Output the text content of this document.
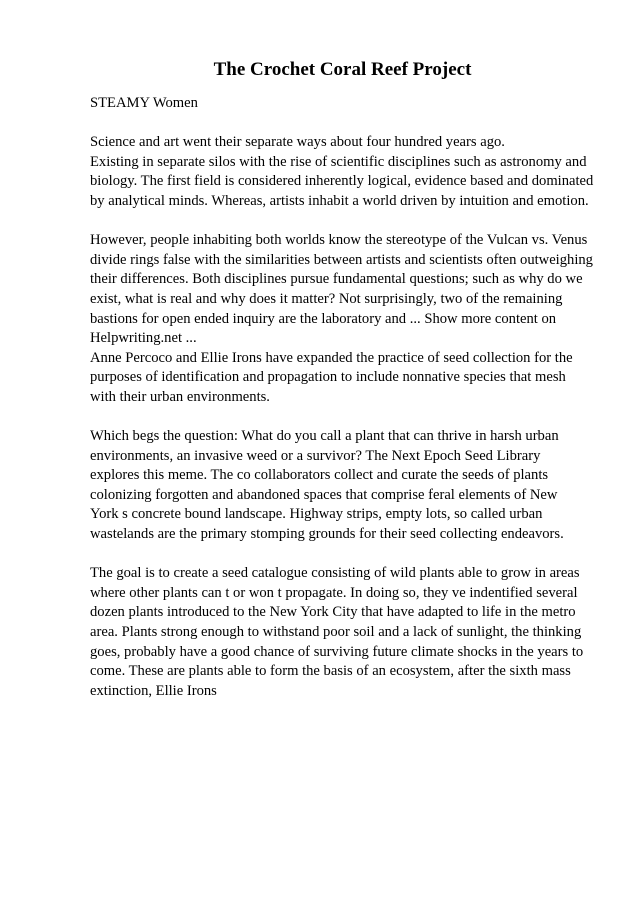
The Crochet Coral Reef Project
STEAMY Women
Science and art went their separate ways about four hundred years ago.
Existing in separate silos with the rise of scientific disciplines such as astronomy and
biology. The first field is considered inherently logical, evidence based and dominated
by analytical minds. Whereas, artists inhabit a world driven by intuition and emotion.
However, people inhabiting both worlds know the stereotype of the Vulcan vs. Venus
divide rings false with the similarities between artists and scientists often outweighing
their differences. Both disciplines pursue fundamental questions; such as why do we
exist, what is real and why does it matter? Not surprisingly, two of the remaining
bastions for open ended inquiry are the laboratory and ... Show more content on
Helpwriting.net ...
Anne Percoco and Ellie Irons have expanded the practice of seed collection for the
purposes of identification and propagation to include nonnative species that mesh
with their urban environments.
Which begs the question: What do you call a plant that can thrive in harsh urban
environments, an invasive weed or a survivor? The Next Epoch Seed Library
explores this meme. The co collaborators collect and curate the seeds of plants
colonizing forgotten and abandoned spaces that comprise feral elements of New
York s concrete bound landscape. Highway strips, empty lots, so called urban
wastelands are the primary stomping grounds for their seed collecting endeavors.
The goal is to create a seed catalogue consisting of wild plants able to grow in areas
where other plants can t or won t propagate. In doing so, they ve indentified several
dozen plants introduced to the New York City that have adapted to life in the metro
area. Plants strong enough to withstand poor soil and a lack of sunlight, the thinking
goes, probably have a good chance of surviving future climate shocks in the years to
come. These are plants able to form the basis of an ecosystem, after the sixth mass
extinction, Ellie Irons
